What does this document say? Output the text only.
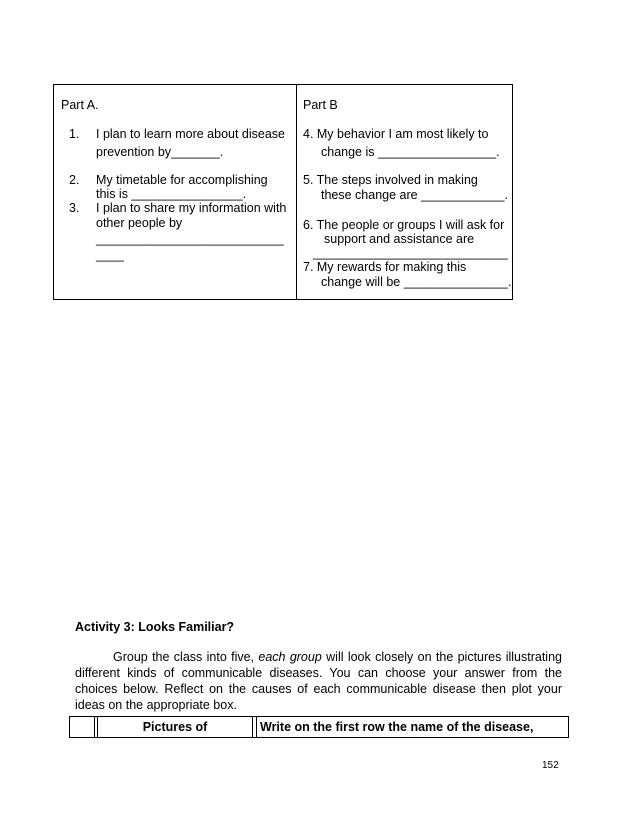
Part A.
1. I plan to learn more about disease
prevention by_______.
2. My timetable for accomplishing
this is ________________.
3. I plan to share my information with
other people by
___________________________
____
Part B
4. My behavior I am most likely to
change is _________________.
5. The steps involved in making
these change are ____________.
6. The people or groups I will ask for
support and assistance are
____________________________
7. My rewards for making this
change will be _______________.

Activity 3: Looks Familiar?

Group the class into five, each group will look closely on the pictures illustrating different kinds of communicable diseases. You can choose your answer from the choices below. Reflect on the causes of each communicable disease then plot your ideas on the appropriate box.

Pictures of	Write on the first row the name of the disease,
152
